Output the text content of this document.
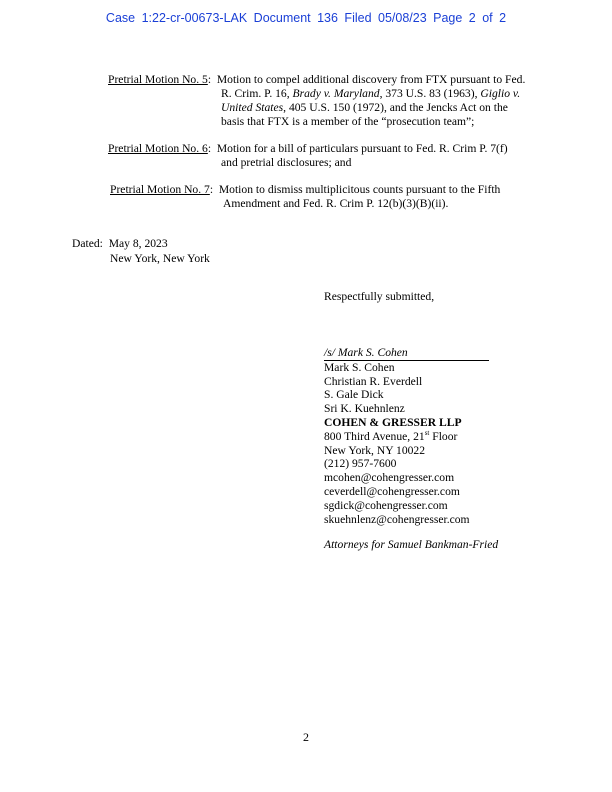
Case 1:22-cr-00673-LAK Document 136 Filed 05/08/23 Page 2 of 2
Pretrial Motion No. 5:  Motion to compel additional discovery from FTX pursuant to Fed.
R. Crim. P. 16, Brady v. Maryland, 373 U.S. 83 (1963), Giglio v.
United States, 405 U.S. 150 (1972), and the Jencks Act on the
basis that FTX is a member of the “prosecution team”;
Pretrial Motion No. 6:  Motion for a bill of particulars pursuant to Fed. R. Crim P. 7(f)
and pretrial disclosures; and
Pretrial Motion No. 7:  Motion to dismiss multiplicitous counts pursuant to the Fifth
Amendment and Fed. R. Crim P. 12(b)(3)(B)(ii).
Dated: May 8, 2023
New York, New York
Respectfully submitted,
/s/ Mark S. Cohen
Mark S. Cohen
Christian R. Everdell
S. Gale Dick
Sri K. Kuehnlenz
COHEN & GRESSER LLP
800 Third Avenue, 21st Floor
New York, NY 10022
(212) 957-7600
mcohen@cohengresser.com
ceverdell@cohengresser.com
sgdick@cohengresser.com
skuehnlenz@cohengresser.com
Attorneys for Samuel Bankman-Fried
2
